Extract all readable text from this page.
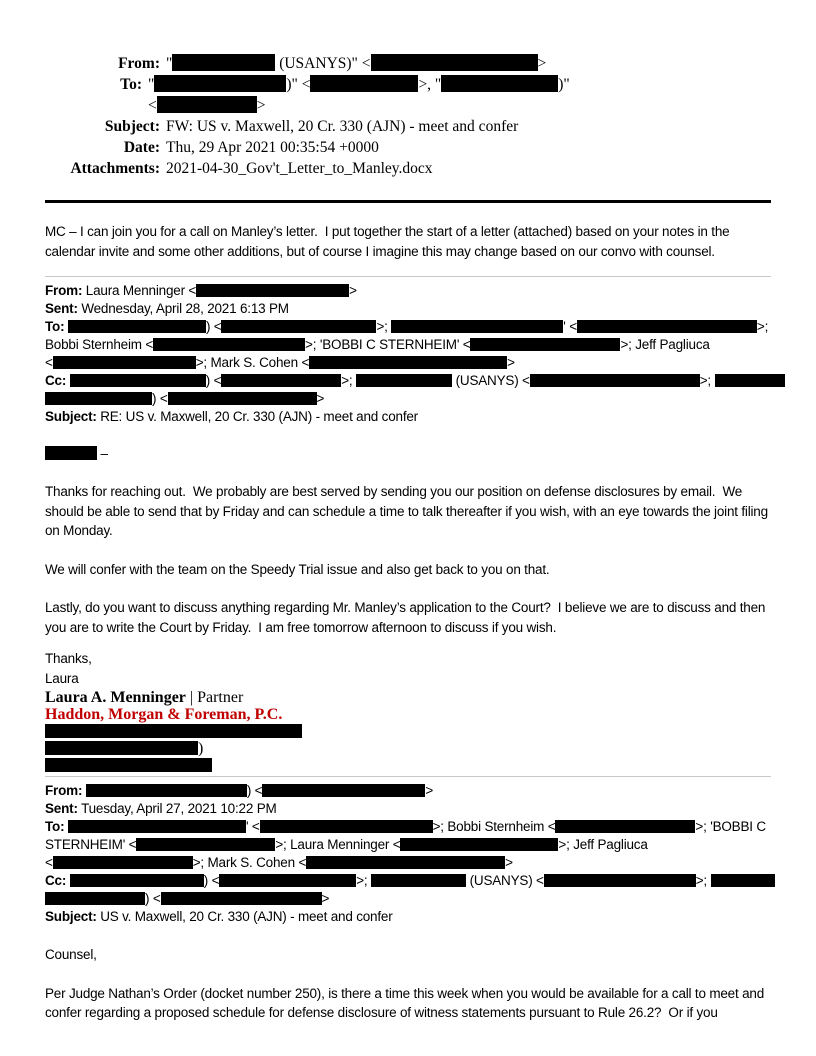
From: "	(USANYS)" <	>
To: "	)" <	>, "	)"
<	>
Subject: FW: US v. Maxwell, 20 Cr. 330 (AJN) - meet and confer
Date: Thu, 29 Apr 2021 00:35:54 +0000
Attachments: 2021-04-30_Gov't_Letter_to_Manley.docx

MC – I can join you for a call on Manley’s letter.  I put together the start of a letter (attached) based on your notes in the calendar invite and some other additions, but of course I imagine this may change based on our convo with counsel.

From: Laura Menninger <	>
Sent: Wednesday, April 28, 2021 6:13 PM
To:	) <	>;	' <	>;
Bobbi Sternheim <	>; 'BOBBI C STERNHEIM' <	>; Jeff Pagliuca
<	>; Mark S. Cohen <	>
Cc:	) <	>;	(USANYS) <	>;
) <	>
Subject: RE: US v. Maxwell, 20 Cr. 330 (AJN) - meet and confer
–

Thanks for reaching out.  We probably are best served by sending you our position on defense disclosures by email.  We should be able to send that by Friday and can schedule a time to talk thereafter if you wish, with an eye towards the joint filing on Monday.

We will confer with the team on the Speedy Trial issue and also get back to you on that.

Lastly, do you want to discuss anything regarding Mr. Manley’s application to the Court?  I believe we are to discuss and then you are to write the Court by Friday.  I am free tomorrow afternoon to discuss if you wish.

Thanks,
Laura
Laura A. Menninger | Partner
Haddon, Morgan & Foreman, P.C.
)
From:	) <	>
Sent: Tuesday, April 27, 2021 10:22 PM
To:	' <	>; Bobbi Sternheim <	>; 'BOBBI C
STERNHEIM' <	>; Laura Menninger <	>; Jeff Pagliuca
<	>; Mark S. Cohen <	>
Cc:	) <	>;	(USANYS) <	>;
) <	>
Subject: US v. Maxwell, 20 Cr. 330 (AJN) - meet and confer

Counsel,

Per Judge Nathan’s Order (docket number 250), is there a time this week when you would be available for a call to meet and confer regarding a proposed schedule for defense disclosure of witness statements pursuant to Rule 26.2?  Or if you
